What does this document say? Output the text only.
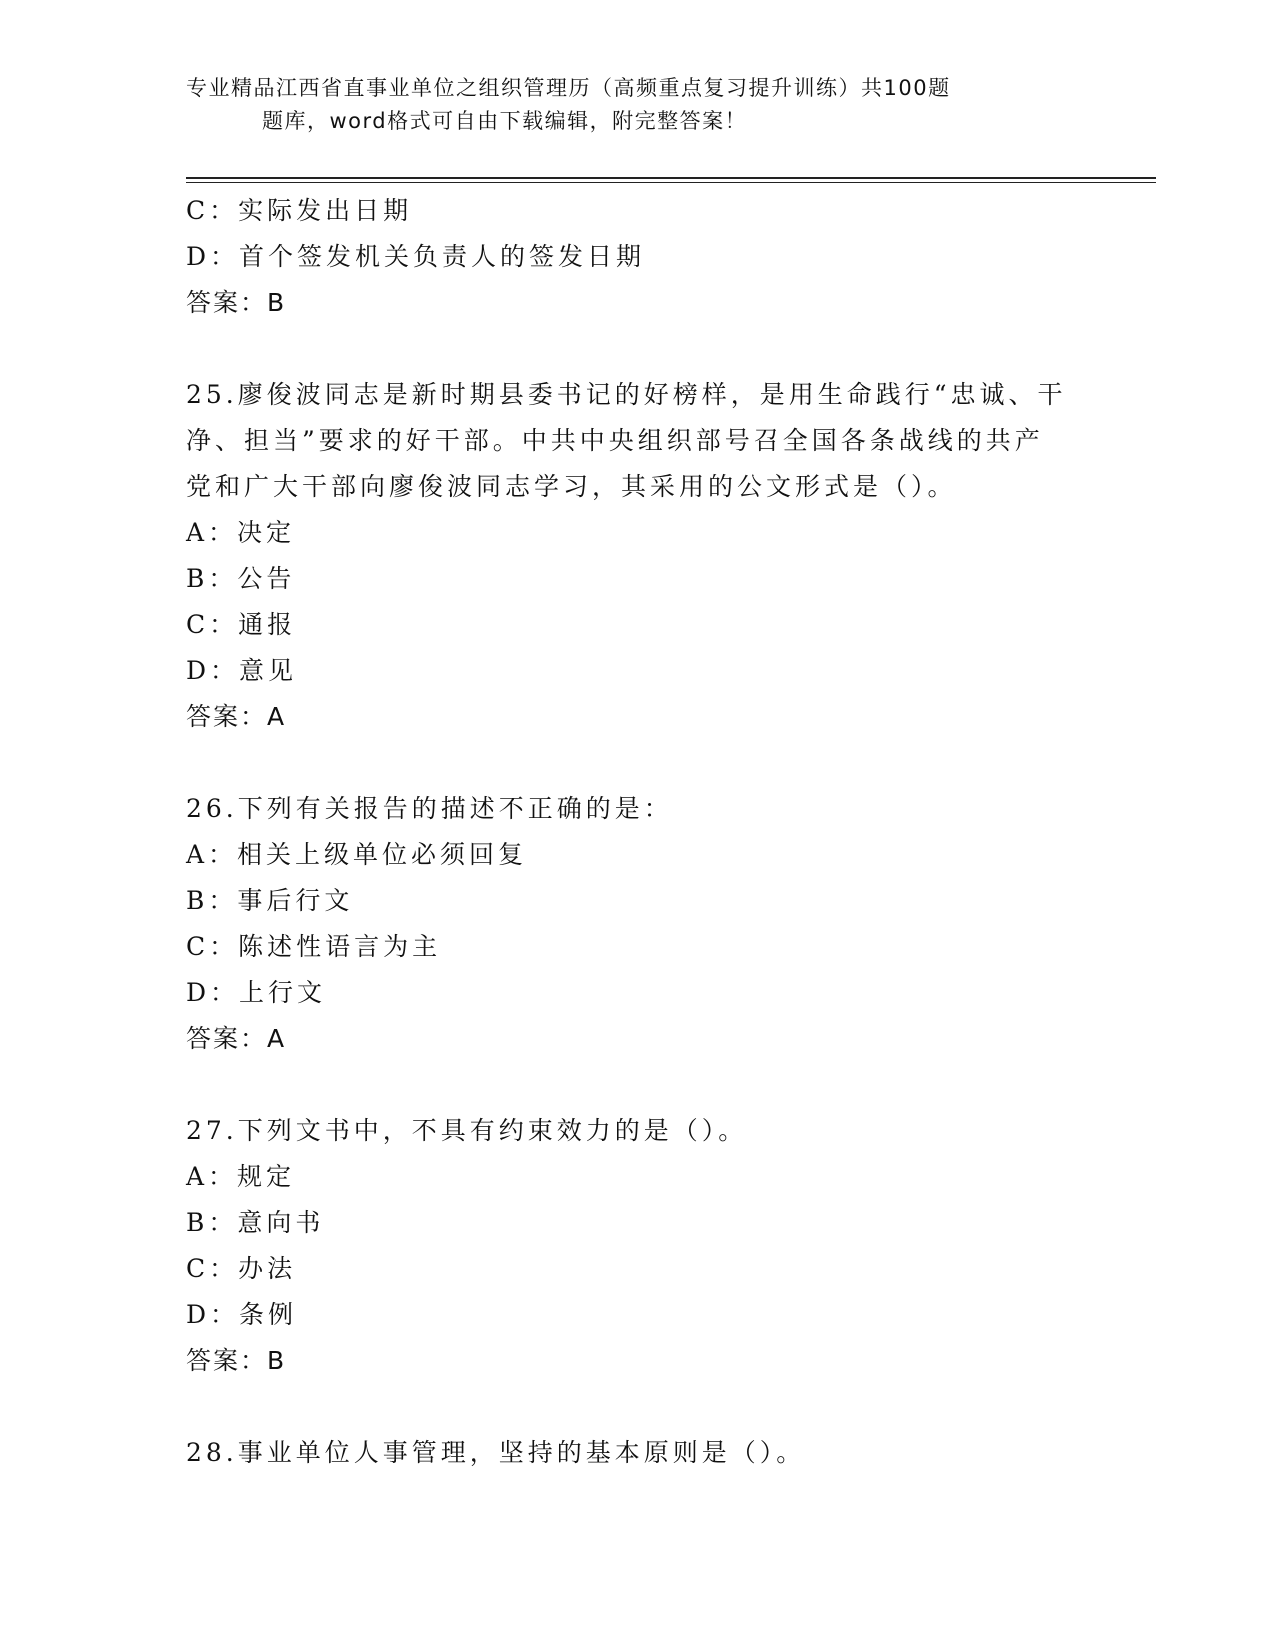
专业精品江西省直事业单位之组织管理历（高频重点复习提升训练）共100题
题库，word格式可自由下载编辑，附完整答案！
C：实际发出日期
D：首个签发机关负责人的签发日期
答案：B
25.廖俊波同志是新时期县委书记的好榜样，是用生命践行“忠诚、干
净、担当”要求的好干部。中共中央组织部号召全国各条战线的共产
党和广大干部向廖俊波同志学习，其采用的公文形式是（）。
A：决定
B：公告
C：通报
D：意见
答案：A
26.下列有关报告的描述不正确的是：
A：相关上级单位必须回复
B：事后行文
C：陈述性语言为主
D：上行文
答案：A
27.下列文书中，不具有约束效力的是（）。
A：规定
B：意向书
C：办法
D：条例
答案：B
28.事业单位人事管理，坚持的基本原则是（）。
